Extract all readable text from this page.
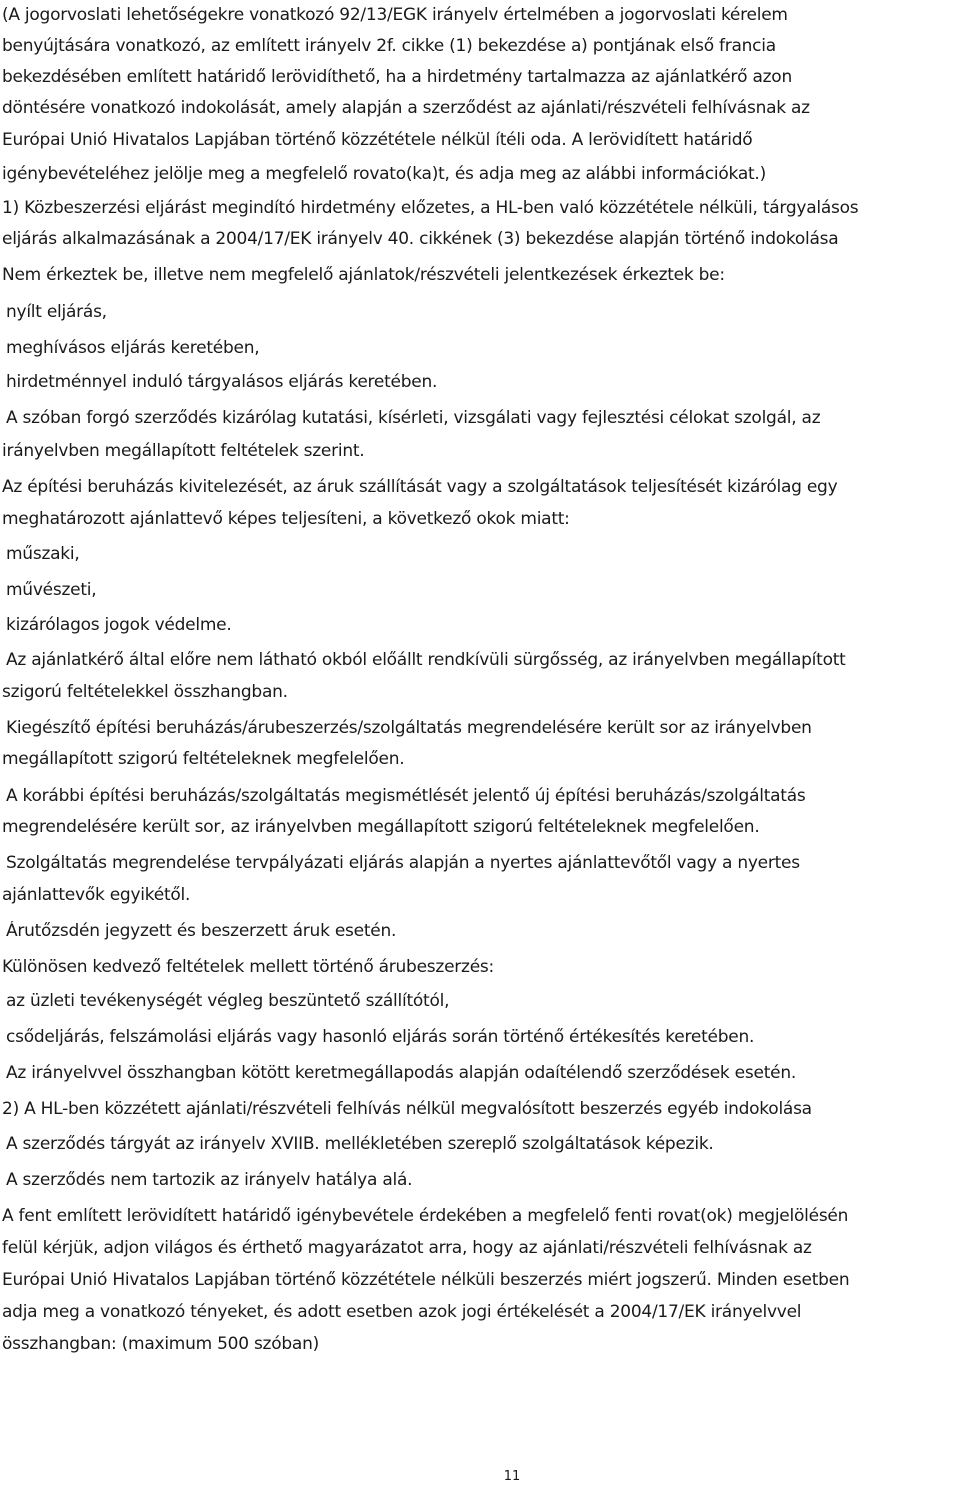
(A jogorvoslati lehetőségekre vonatkozó 92/13/EGK irányelv értelmében a jogorvoslati kérelem
benyújtására vonatkozó, az említett irányelv 2f. cikke (1) bekezdése a) pontjának első francia
bekezdésében említett határidő lerövidíthető, ha a hirdetmény tartalmazza az ajánlatkérő azon
döntésére vonatkozó indokolását, amely alapján a szerződést az ajánlati/részvételi felhívásnak az
Európai Unió Hivatalos Lapjában történő közzététele nélkül ítéli oda. A lerövidített határidő
igénybevételéhez jelölje meg a megfelelő rovato(ka)t, és adja meg az alábbi információkat.)
1) Közbeszerzési eljárást megindító hirdetmény előzetes, a HL-ben való közzététele nélküli, tárgyalásos
eljárás alkalmazásának a 2004/17/EK irányelv 40. cikkének (3) bekezdése alapján történő indokolása
Nem érkeztek be, illetve nem megfelelő ajánlatok/részvételi jelentkezések érkeztek be:
nyílt eljárás,
meghívásos eljárás keretében,
hirdetménnyel induló tárgyalásos eljárás keretében.
A szóban forgó szerződés kizárólag kutatási, kísérleti, vizsgálati vagy fejlesztési célokat szolgál, az
irányelvben megállapított feltételek szerint.
Az építési beruházás kivitelezését, az áruk szállítását vagy a szolgáltatások teljesítését kizárólag egy
meghatározott ajánlattevő képes teljesíteni, a következő okok miatt:
műszaki,
művészeti,
kizárólagos jogok védelme.
Az ajánlatkérő által előre nem látható okból előállt rendkívüli sürgősség, az irányelvben megállapított
szigorú feltételekkel összhangban.
Kiegészítő építési beruházás/árubeszerzés/szolgáltatás megrendelésére került sor az irányelvben
megállapított szigorú feltételeknek megfelelően.
A korábbi építési beruházás/szolgáltatás megismétlését jelentő új építési beruházás/szolgáltatás
megrendelésére került sor, az irányelvben megállapított szigorú feltételeknek megfelelően.
Szolgáltatás megrendelése tervpályázati eljárás alapján a nyertes ajánlattevőtől vagy a nyertes
ajánlattevők egyikétől.
Árutőzsdén jegyzett és beszerzett áruk esetén.
Különösen kedvező feltételek mellett történő árubeszerzés:
az üzleti tevékenységét végleg beszüntető szállítótól,
csődeljárás, felszámolási eljárás vagy hasonló eljárás során történő értékesítés keretében.
Az irányelvvel összhangban kötött keretmegállapodás alapján odaítélendő szerződések esetén.
2) A HL-ben közzétett ajánlati/részvételi felhívás nélkül megvalósított beszerzés egyéb indokolása
A szerződés tárgyát az irányelv XVIIB. mellékletében szereplő szolgáltatások képezik.
A szerződés nem tartozik az irányelv hatálya alá.
A fent említett lerövidített határidő igénybevétele érdekében a megfelelő fenti rovat(ok) megjelölésén
felül kérjük, adjon világos és érthető magyarázatot arra, hogy az ajánlati/részvételi felhívásnak az
Európai Unió Hivatalos Lapjában történő közzététele nélküli beszerzés miért jogszerű. Minden esetben
adja meg a vonatkozó tényeket, és adott esetben azok jogi értékelését a 2004/17/EK irányelvvel
összhangban: (maximum 500 szóban)
11
